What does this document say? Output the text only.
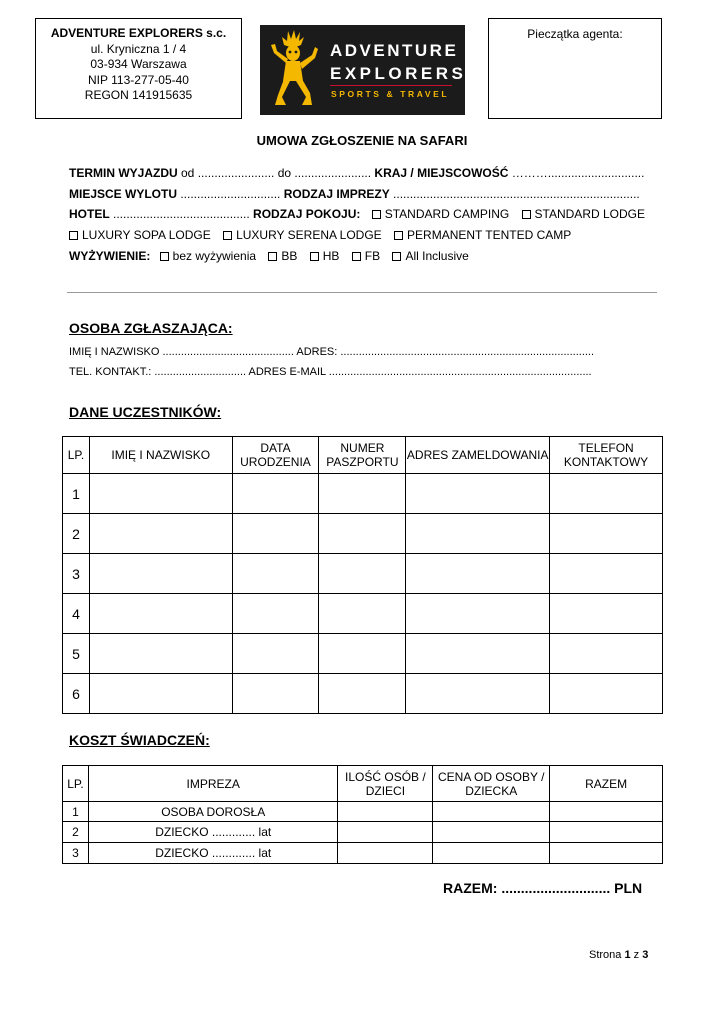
ADVENTURE EXPLORERS s.c.
ul. Kryniczna 1 / 4
03-934 Warszawa
NIP 113-277-05-40
REGON 141915635
ADVENTURE
EXPLORERS
SPORTS & TRAVEL
Pieczątka agenta:
UMOWA ZGŁOSZENIE NA SAFARI
TERMIN WYJAZDU od ....................... do ....................... KRAJ / MIEJSCOWOŚĆ ……….............................
MIEJSCE WYLOTU .............................. RODZAJ IMPREZY ..........................................................................
HOTEL ......................................... RODZAJ POKOJU: STANDARD CAMPING STANDARD LODGE
LUXURY SOPA LODGE LUXURY SERENA LODGE PERMANENT TENTED CAMP
WYŻYWIENIE: bez wyżywienia BB HB FB All Inclusive
OSOBA ZGŁASZAJĄCA:
IMIĘ I NAZWISKO ........................................... ADRES: ...................................................................................
TEL. KONTAKT.: .............................. ADRES E-MAIL ......................................................................................
DANE UCZESTNIKÓW:
LP.	IMIĘ I NAZWISKO	DATA URODZENIA	NUMER PASZPORTU	ADRES ZAMELDOWANIA	TELEFON KONTAKTOWY
1					
2					
3					
4					
5					
6					
KOSZT ŚWIADCZEŃ:
LP.	IMPREZA	ILOŚĆ OSÓB / DZIECI	CENA OD OSOBY / DZIECKA	RAZEM
1	OSOBA DOROSŁA			
2	DZIECKO ............. lat			
3	DZIECKO ............. lat			
RAZEM: ............................ PLN
Strona 1 z 3
